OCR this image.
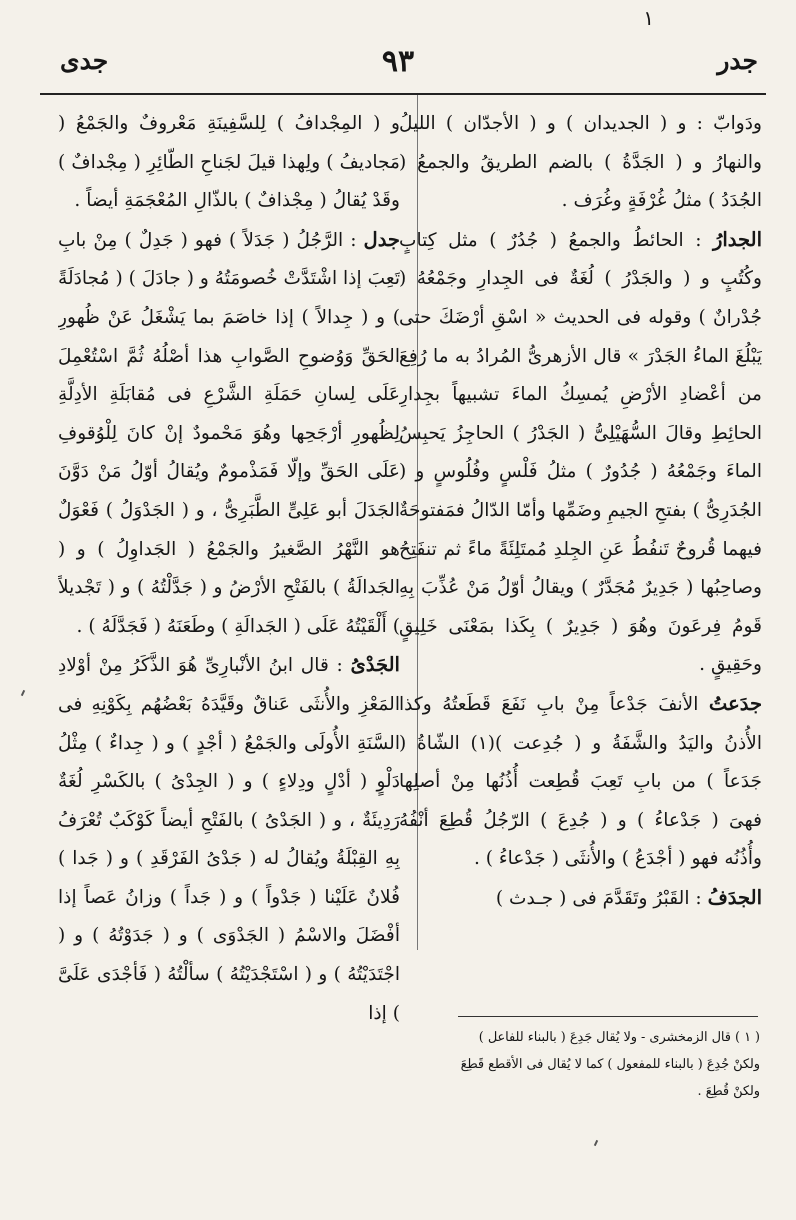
١
جدر
٩٣
جدى

ودَوابّ : و ( الجديدان ) و ( الأجدّان ) الليلُ والنهارُ و ( الجَدَّةُ ) بالضم الطريقُ والجمعُ ( الجُدَدُ ) مثلُ غُرْفَةٍ وغُرَف .

الجدارُ : الحائطُ والجمعُ ( جُدُرٌ ) مثل كِتابٍ وكُتُبٍ و ( والجَدْرُ ) لُغَةٌ فى الجِدارِ وجَمْعُهُ ( جُدْرانٌ ) وقوله فى الحديث « اسْقِ أرْضَكَ حتى يَبْلُغَ الماءُ الجَدْرَ » قال الأزهرىُّ المُرادُ به ما رُفِعَ من أعْضادِ الأرْضِ يُمسِكُ الماءَ تشبيهاً بجِدارِ الحائِطِ وقالَ السُّهَيْلِىُّ ( الجَدْرُ ) الحاجِزُ يَحبِسُ الماءَ وجَمْعُهُ ( جُدُورٌ ) مثلُ فَلْسٍ وفُلُوسٍ و ( الجُدَرِىُّ ) بفتحِ الجيمِ وضَمِّها وأمّا الدّالُ فمَفتوحَةٌ فيهما قُروحٌ تَنفُطُ عَنِ الجِلدِ مُمتَلِئَةً ماءً ثم تنفَتِحُ وصاحِبُها ( جَدِيرٌ مُجَدَّرٌ ) ويقالُ أوّلُ مَنْ عُذِّبَ بِهِ قَومُ فِرعَونَ وهُوَ ( جَدِيرٌ ) بِكَذا بمَعْنَى خَلِيقٍ وحَقِيقٍ .

جدَعتُ الأنفَ جَدْعاً مِنْ بابِ نَفَعَ قَطَعتُهُ وكذا الأُذنُ واليَدُ والشَّفَةُ و ( جُدِعت )(١) الشّاةُ ( جَدَعاً ) من بابِ تَعِبَ قُطِعت أُذُنُها مِنْ أصلِها فهىَ ( جَدْعاءُ ) و ( جُدِعَ ) الرّجُلُ قُطِعَ أنْفُهُ وأُذُنُه فهو ( أجْدَعُ ) والأُنثَى ( جَدْعاءُ ) .

الجدَفُ : القَبْرُ وتَقَدَّمَ فى ( جـدث )

و ( المِجْدافُ ) لِلسَّفِينَةِ مَعْروفٌ والجَمْعُ ( مَجاديفُ ) ولِهذا قيلَ لجَناحِ الطّائِرِ ( مِجْدافٌ ) وقَدْ يُقالُ ( مِجْذافٌ ) بالذّالِ المُعْجَمَةِ أيضاً .

جدل : الرَّجُلُ ( جَدَلاً ) فهو ( جَدِلٌ ) مِنْ بابِ تَعِبَ إذا اشْتَدَّتْ خُصومَتُهُ و ( جادَلَ ) ( مُجادَلَةً ) و ( جِدالاً ) إذا خاصَمَ بما يَشْغَلُ عَنْ ظُهورِ الحَقِّ وَوُضوحِ الصَّوابِ هذا أصْلُهُ ثُمَّ اسْتُعْمِلَ عَلَى لِسانِ حَمَلَةِ الشَّرْعِ فى مُقابَلَةِ الأدِلَّةِ لِظُهورِ أرْجَحِها وهُوَ مَحْمودٌ إنْ كانَ لِلْوُقوفِ عَلَى الحَقِّ وإلّا فَمَذْمومٌ ويُقالُ أوّلُ مَنْ دَوَّنَ الجَدَلَ أبو عَلِىٍّ الطَّبَرِىُّ ، و ( الجَدْوَلُ ) فَعْوَلٌ هو النَّهْرُ الصَّغيرُ والجَمْعُ ( الجَداوِلُ ) و ( الجَدالَةُ ) بالفَتْحِ الأرْضُ و ( جَدَّلْتُهُ ) و ( تَجْديلاً ) أَلْقَيْتُهُ عَلَى ( الجَدالَةِ ) وطَعَنَهُ ( فَجَدَّلَهُ ) .

الجَدْىُ : قال ابنُ الأنْبارِىِّ هُوَ الذَّكَرُ مِنْ أوْلادِ المَعْزِ والأُنثَى عَناقٌ وقَيَّدَهُ بَعْضُهُم بِكَوْنِهِ فى السَّنَةِ الأُولَى والجَمْعُ ( أجْدٍ ) و ( جِداءٌ ) مِثْلُ دَلْوٍ ( أدْلٍ ودِلاءٍ ) و ( الجِدْىُ ) بالكَسْرِ لُغَةٌ رَدِيئَةٌ ، و ( الجَدْىُ ) بالفَتْحِ أيضاً كَوْكَبٌ تُعْرَفُ بِهِ القِبْلَةُ ويُقالُ له ( جَدْىُ الفَرْقَدِ ) و ( جَدا ) فُلانٌ عَلَيْنا ( جَدْواً ) و ( جَداً ) وزانُ عَصاً إذا أفْضَلَ والاسْمُ ( الجَدْوَى ) و ( جَدَوْتُهُ ) و ( اجْتَدَيْتُهُ ) و ( اسْتَجْدَيْتُهُ ) سألْتُهُ ( فَأجْدَى عَلَىَّ ) إذا

( ١ ) قال الزمخشرى - ولا يُقال جَدِعَ ( بالبناء للفاعل )

ولكنْ جُدِعَ ( بالبناء للمفعول ) كما لا يُقال فى الأقطع قَطِعَ

ولكنْ قُطِعَ .
